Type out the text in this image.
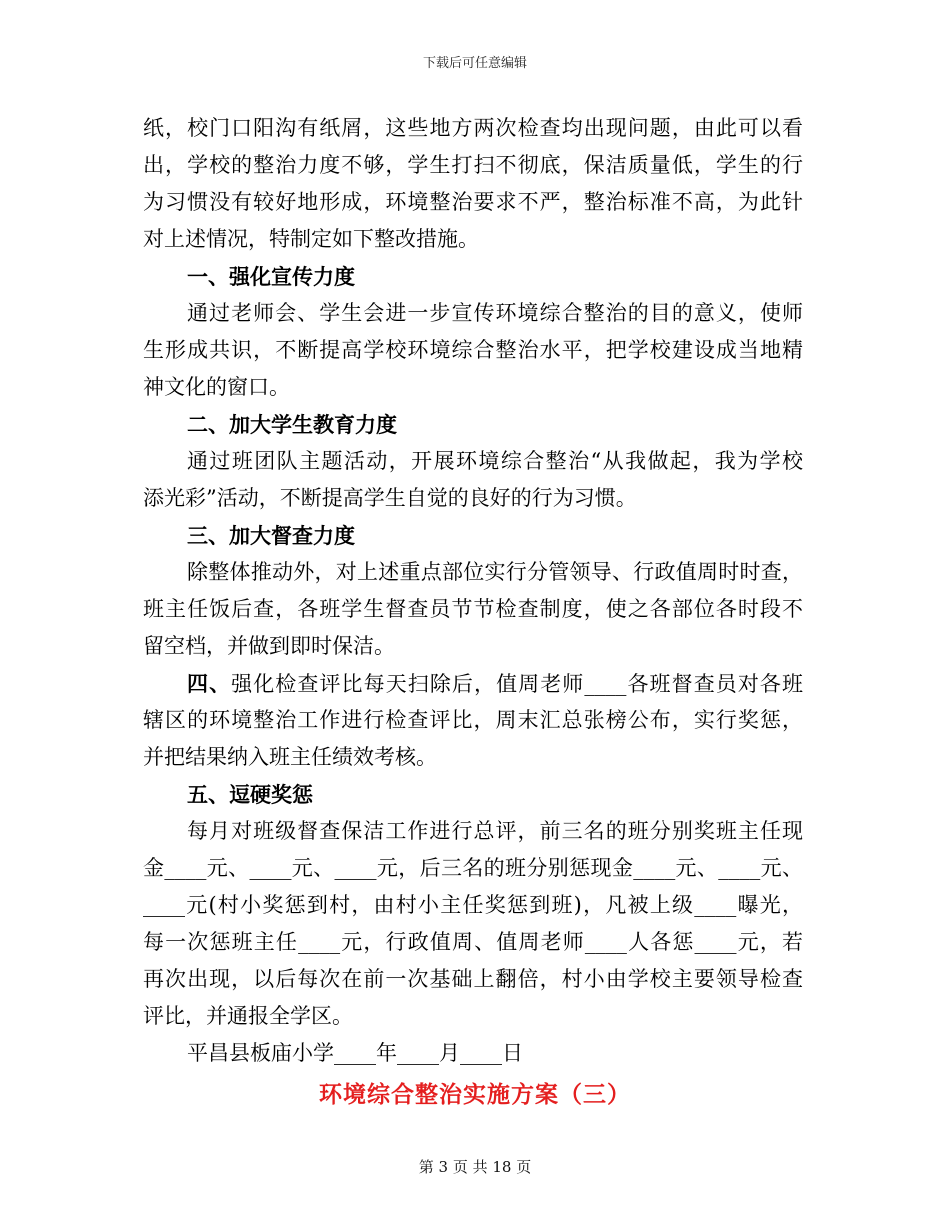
下载后可任意编辑
纸，校门口阳沟有纸屑，这些地方两次检查均出现问题，由此可以看
出，学校的整治力度不够，学生打扫不彻底，保洁质量低，学生的行
为习惯没有较好地形成，环境整治要求不严，整治标准不高，为此针
对上述情况，特制定如下整改措施。
一、强化宣传力度
通过老师会、学生会进一步宣传环境综合整治的目的意义，使师
生形成共识，不断提高学校环境综合整治水平，把学校建设成当地精
神文化的窗口。
二、加大学生教育力度
通过班团队主题活动，开展环境综合整治“从我做起，我为学校
添光彩”活动，不断提高学生自觉的良好的行为习惯。
三、加大督查力度
除整体推动外，对上述重点部位实行分管领导、行政值周时时查，
班主任饭后查，各班学生督查员节节检查制度，使之各部位各时段不
留空档，并做到即时保洁。
四、强化检查评比每天扫除后，值周老师____各班督查员对各班
辖区的环境整治工作进行检查评比，周末汇总张榜公布，实行奖惩，
并把结果纳入班主任绩效考核。
五、逗硬奖惩
每月对班级督查保洁工作进行总评，前三名的班分别奖班主任现
金____元、____元、____元，后三名的班分别惩现金____元、____元、
____元(村小奖惩到村，由村小主任奖惩到班)，凡被上级____曝光，
每一次惩班主任____元，行政值周、值周老师____人各惩____元，若
再次出现，以后每次在前一次基础上翻倍，村小由学校主要领导检查
评比，并通报全学区。
平昌县板庙小学____年____月____日
环境综合整治实施方案（三）
第 3 页 共 18 页
